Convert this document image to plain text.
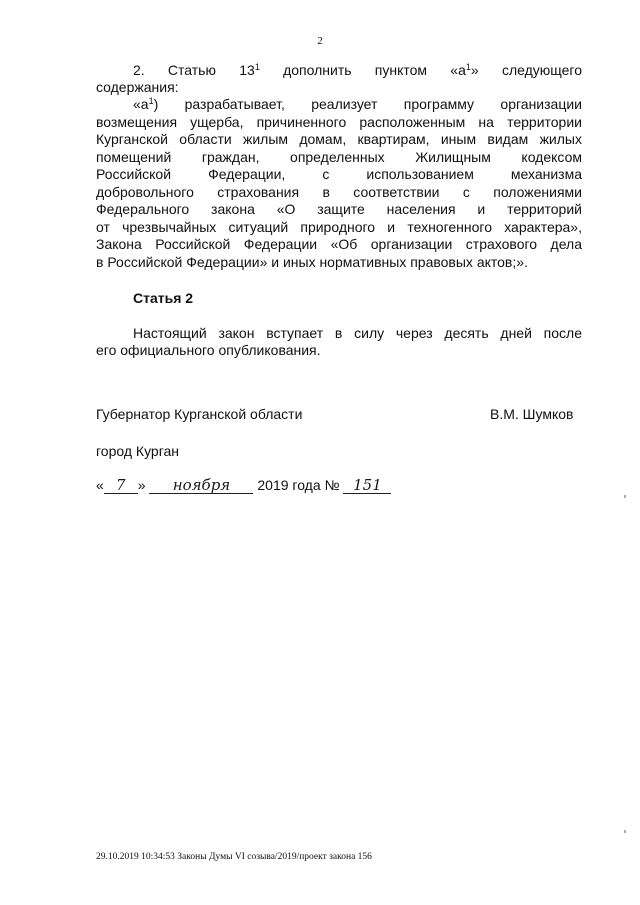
2
2. Статью $13^1$ дополнить пунктом «$а^1$» следующего
содержания:
«$а^1$) разрабатывает, реализует программу организации
возмещения ущерба, причиненного расположенным на территории
Курганской области жилым домам, квартирам, иным видам жилых
помещений граждан, определенных Жилищным кодексом
Российской Федерации, с использованием механизма
добровольного страхования в соответствии с положениями
Федерального закона «О защите населения и территорий
от чрезвычайных ситуаций природного и техногенного характера»,
Закона Российской Федерации «Об организации страхового дела
в Российской Федерации» и иных нормативных правовых актов;».
Статья 2
Настоящий закон вступает в силу через десять дней после
его официального опубликования.
Губернатор Курганской области	В.М. Шумков
город Курган
« 7 » ноября 2019 года № 151
29.10.2019 10:34:53 Законы Думы VI созыва/2019/проект закона 156
